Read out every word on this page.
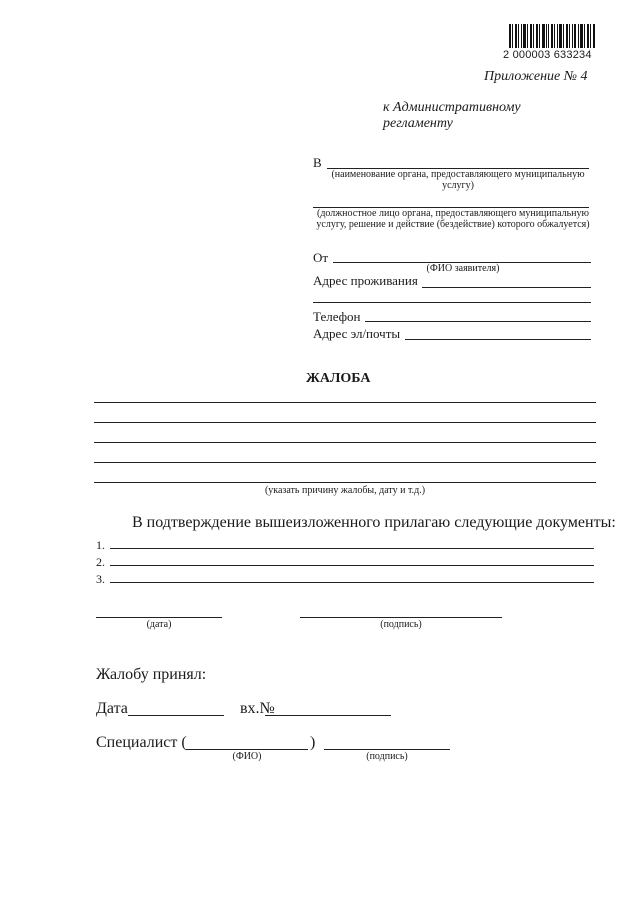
2 000003 633234
Приложение № 4
к Административному
регламенту
В
(наименование органа, предоставляющего муниципальную услугу)
(должностное лицо органа, предоставляющего муниципальную услугу, решение и действие (бездействие) которого обжалуется)
От
(ФИО заявителя)
Адрес проживания
Телефон
Адрес эл/почты
ЖАЛОБА
(указать причину жалобы, дату и т.д.)
В подтверждение вышеизложенного прилагаю следующие документы:
1.
2.
3.
(дата)	(подпись)
Жалобу принял:
Дата	вх.№
Специалист (	)
(ФИО)	(подпись)
